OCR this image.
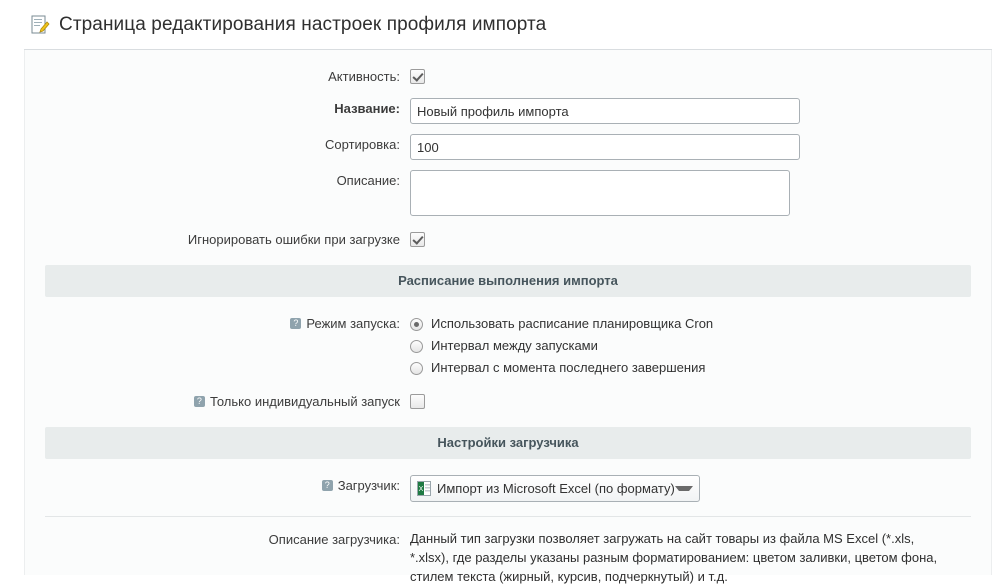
Страница редактирования настроек профиля импорта
Активность:
Название:
Новый профиль импорта
Сортировка:
100
Описание:
Игнорировать ошибки при загрузке
Расписание выполнения импорта
? Режим запуска:	Использовать расписание планировщика Cron
Интервал между запусками
Интервал с момента последнего завершения
? Только индивидуальный запуск
Настройки загрузчика
? Загрузчик:	X Импорт из Microsoft Excel (по формату)
Описание загрузчика: Данный тип загрузки позволяет загружать на сайт товары из файла MS Excel (*.xls, *.xlsx), где разделы указаны разным форматированием: цветом заливки, цветом фона, стилем текста (жирный, курсив, подчеркнутый) и т.д.
